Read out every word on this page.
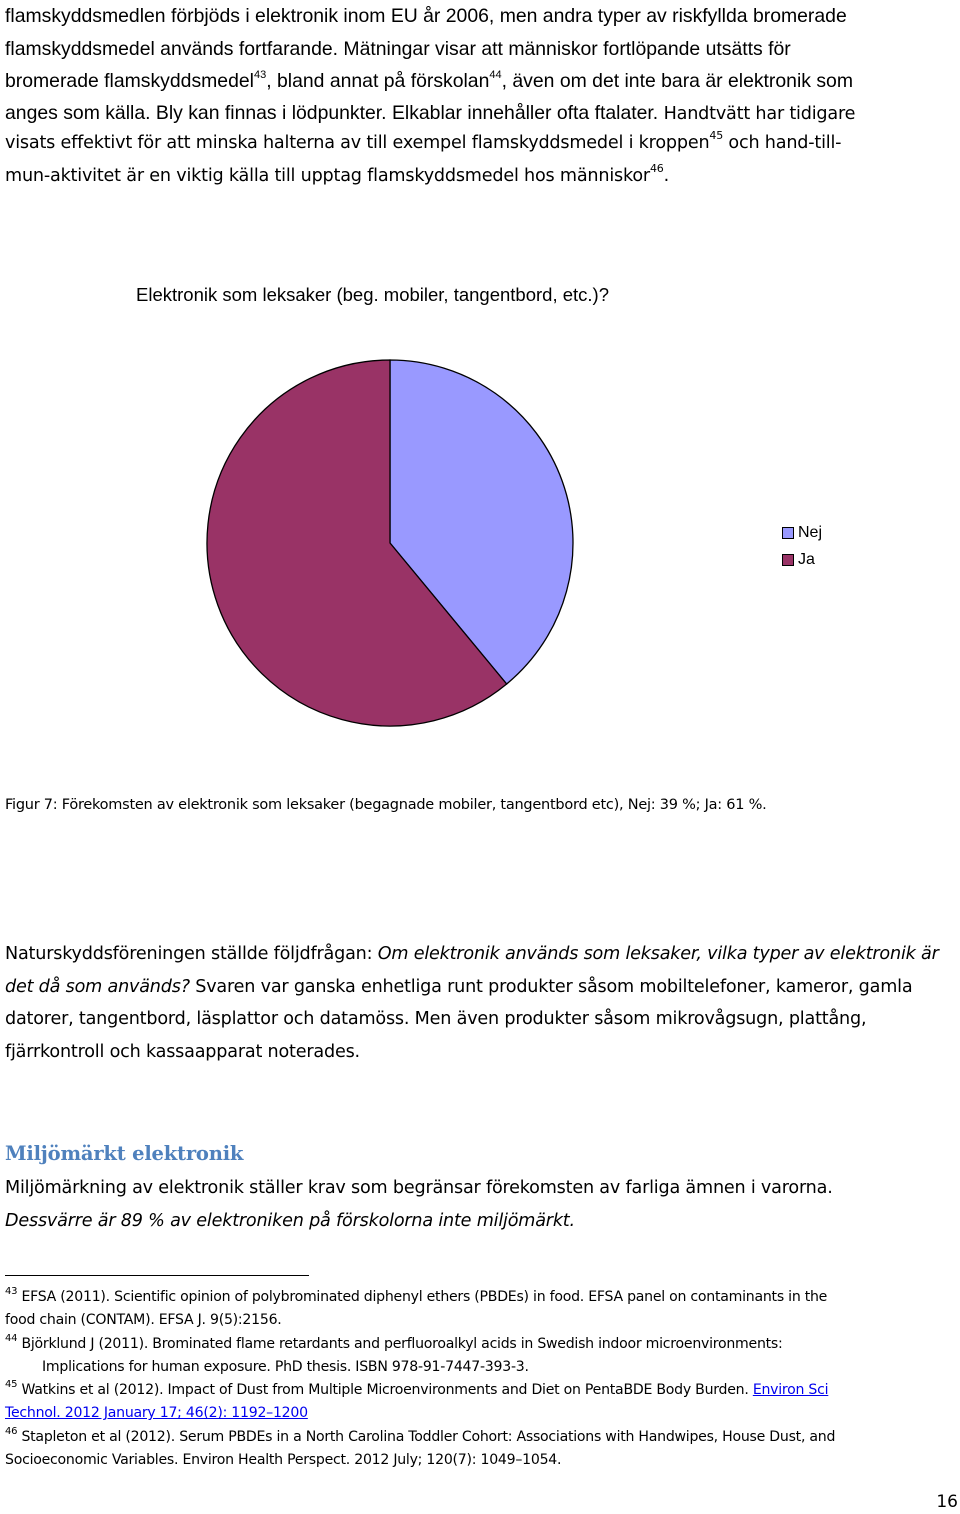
flamskyddsmedlen förbjöds i elektronik inom EU år 2006, men andra typer av riskfyllda bromerade
flamskyddsmedel används fortfarande. Mätningar visar att människor fortlöpande utsätts för
bromerade flamskyddsmedel$^{43}$, bland annat på förskolan$^{44}$, även om det inte bara är elektronik som
anges som källa. Bly kan finnas i lödpunkter. Elkablar innehåller ofta ftalater. Handtvätt har tidigare
visats effektivt för att minska halterna av till exempel flamskyddsmedel i kroppen$^{45}$ och hand-till-
mun-aktivitet är en viktig källa till upptag flamskyddsmedel hos människor$^{46}$.
Elektronik som leksaker (beg. mobiler, tangentbord, etc.)?
Nej
Ja
Figur 7: Förekomsten av elektronik som leksaker (begagnade mobiler, tangentbord etc), Nej: 39 %; Ja: 61 %.
Naturskyddsföreningen ställde följdfrågan: Om elektronik används som leksaker, vilka typer av elektronik är det då som används? Svaren var ganska enhetliga runt produkter såsom mobiltelefoner, kameror, gamla datorer, tangentbord, läsplattor och datamöss. Men även produkter såsom mikrovågsugn, plattång, fjärrkontroll och kassaapparat noterades.
Miljömärkt elektronik
Miljömärkning av elektronik ställer krav som begränsar förekomsten av farliga ämnen i varorna.
Dessvärre är 89 % av elektroniken på förskolorna inte miljömärkt.
$^{43}$ EFSA (2011). Scientific opinion of polybrominated diphenyl ethers (PBDEs) in food. EFSA panel on contaminants in the
food chain (CONTAM). EFSA J. 9(5):2156.
$^{44}$ Björklund J (2011). Brominated flame retardants and perfluoroalkyl acids in Swedish indoor microenvironments:
Implications for human exposure. PhD thesis. ISBN 978-91-7447-393-3.
$^{45}$ Watkins et al (2012). Impact of Dust from Multiple Microenvironments and Diet on PentaBDE Body Burden. Environ Sci
Technol. 2012 January 17; 46(2): 1192–1200
$^{46}$ Stapleton et al (2012). Serum PBDEs in a North Carolina Toddler Cohort: Associations with Handwipes, House Dust, and
Socioeconomic Variables. Environ Health Perspect. 2012 July; 120(7): 1049–1054.
16
